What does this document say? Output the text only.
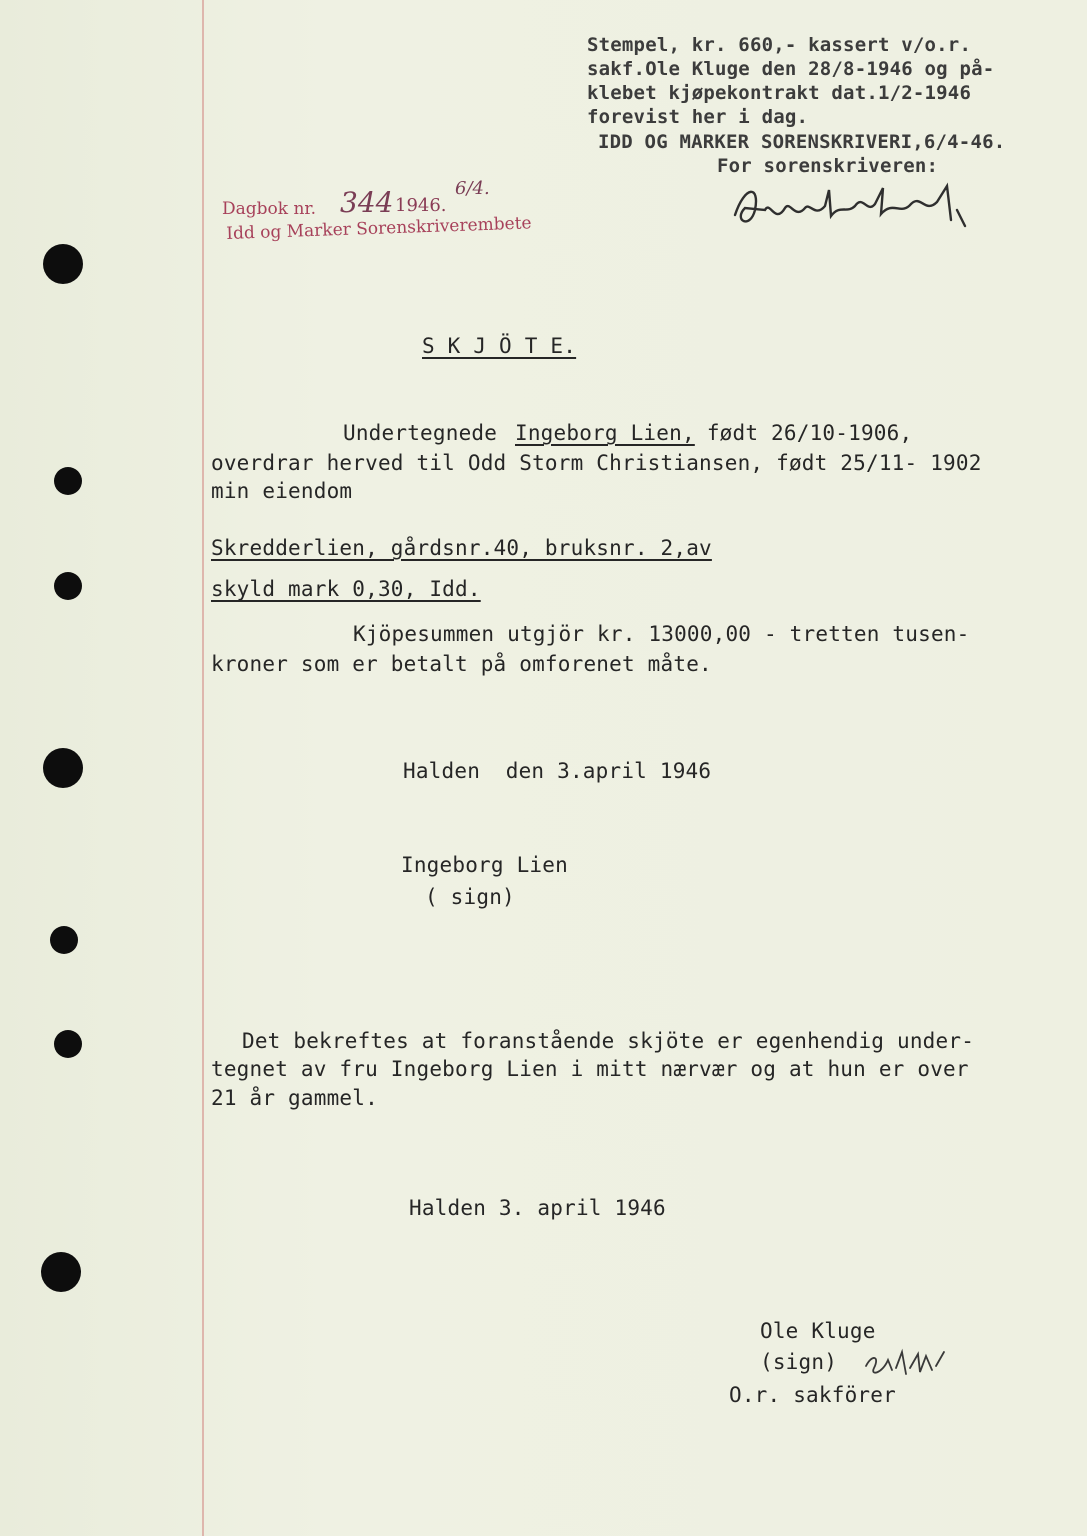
Stempel, kr. 660,- kassert v/o.r.
sakf.Ole Kluge den 28/8-1946 og på-
klebet kjøpekontrakt dat.1/2-1946
forevist her i dag.
IDD OG MARKER SORENSKRIVERI,6/4-46.
For sorenskriveren:
Dagbok nr. 344 1946.
6/4.
Idd og Marker Sorenskriverembete
S K J Ö T E.
Undertegnede Ingeborg Lien, født 26/10-1906,
overdrar herved til Odd Storm Christiansen, født 25/11- 1902
min eiendom
Skredderlien, gårdsnr.40, bruksnr. 2,av
skyld mark 0,30, Idd.
Kjöpesummen utgjör kr. 13000,00 - tretten tusen-
kroner som er betalt på omforenet måte.
Halden  den 3.april 1946
Ingeborg Lien
( sign)
Det bekreftes at foranstående skjöte er egenhendig under-
tegnet av fru Ingeborg Lien i mitt nærvær og at hun er over
21 år gammel.
Halden 3. april 1946
Ole Kluge
(sign)
O.r. sakförer
